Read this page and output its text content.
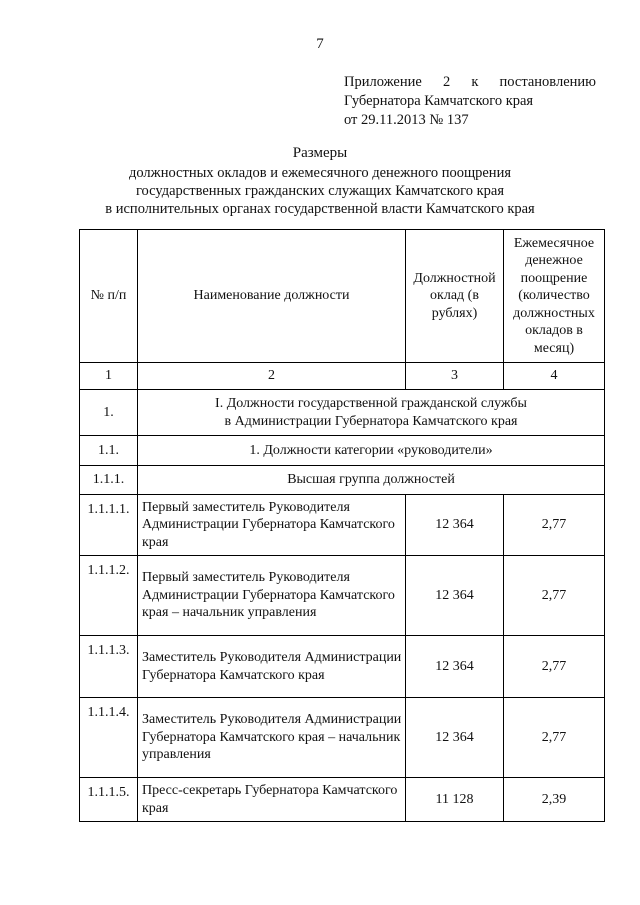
7
Приложение 2 к постановлению
Губернатора Камчатского края
от 29.11.2013 № 137
Размеры
должностных окладов и ежемесячного денежного поощрения
государственных гражданских служащих Камчатского края
в исполнительных органах государственной власти Камчатского края
№ п/п	Наименование должности	Должностной оклад (в рублях)	Ежемесячное денежное поощрение (количество должностных окладов в месяц)
1	2	3	4
1.	I. Должности государственной гражданской службы
в Администрации Губернатора Камчатского края		

1.1.	1. Должности категории «руководители»		
1.1.1.	Высшая группа должностей		
1.1.1.1.	Первый заместитель Руководителя Администрации Губернатора Камчатского края	12 364	2,77
1.1.1.2.	Первый заместитель Руководителя Администрации Губернатора Камчатского края – начальник управления	12 364	2,77
1.1.1.3.	Заместитель Руководителя Администрации Губернатора Камчатского края	12 364	2,77
1.1.1.4.	Заместитель Руководителя Администрации Губернатора Камчатского края – начальник управления	12 364	2,77
1.1.1.5.	Пресс-секретарь Губернатора Камчатского края	11 128	2,39
